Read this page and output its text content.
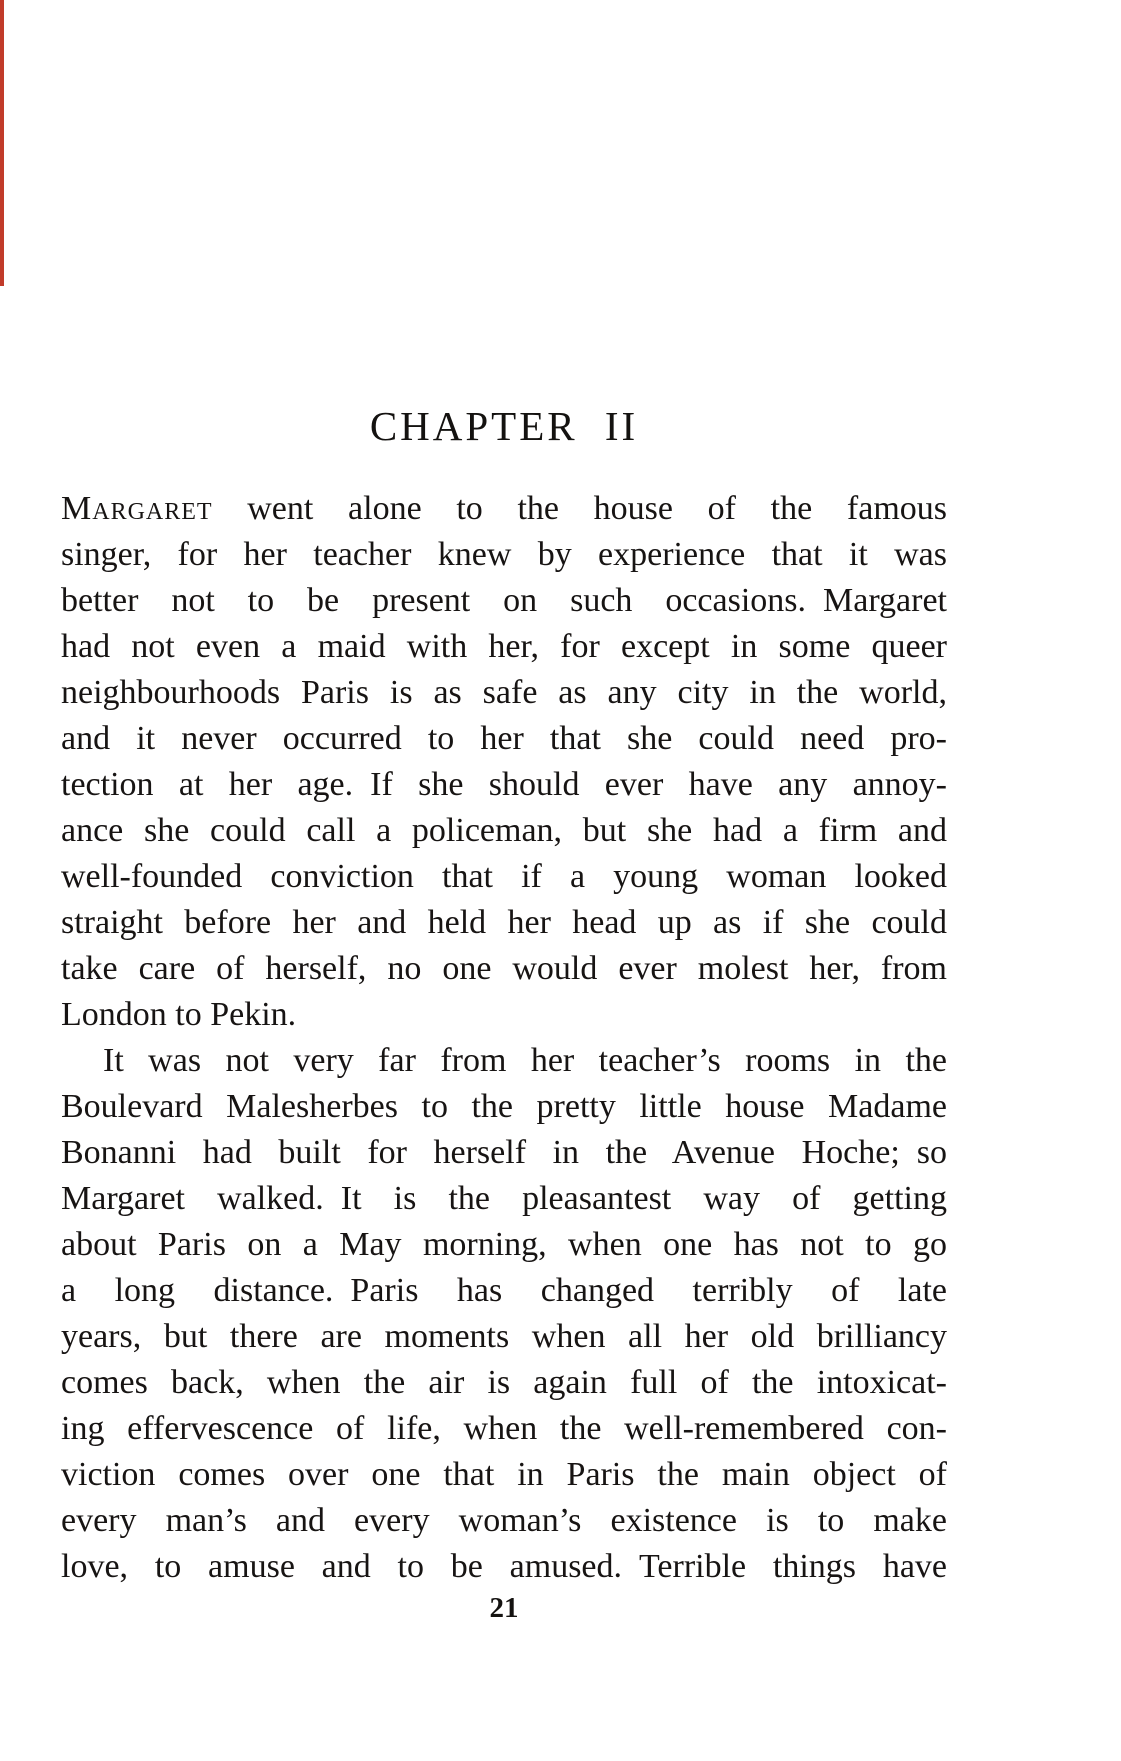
CHAPTER II
Margaret went alone to the house of the famous
singer, for her teacher knew by experience that it was
better not to be present on such occasions. Margaret
had not even a maid with her, for except in some queer
neighbourhoods Paris is as safe as any city in the world,
and it never occurred to her that she could need pro-
tection at her age. If she should ever have any annoy-
ance she could call a policeman, but she had a firm and
well-founded conviction that if a young woman looked
straight before her and held her head up as if she could
take care of herself, no one would ever molest her, from
London to Pekin.
It was not very far from her teacher’s rooms in the
Boulevard Malesherbes to the pretty little house Madame
Bonanni had built for herself in the Avenue Hoche; so
Margaret walked. It is the pleasantest way of getting
about Paris on a May morning, when one has not to go
a long distance. Paris has changed terribly of late
years, but there are moments when all her old brilliancy
comes back, when the air is again full of the intoxicat-
ing effervescence of life, when the well-remembered con-
viction comes over one that in Paris the main object of
every man’s and every woman’s existence is to make
love, to amuse and to be amused. Terrible things have
21
